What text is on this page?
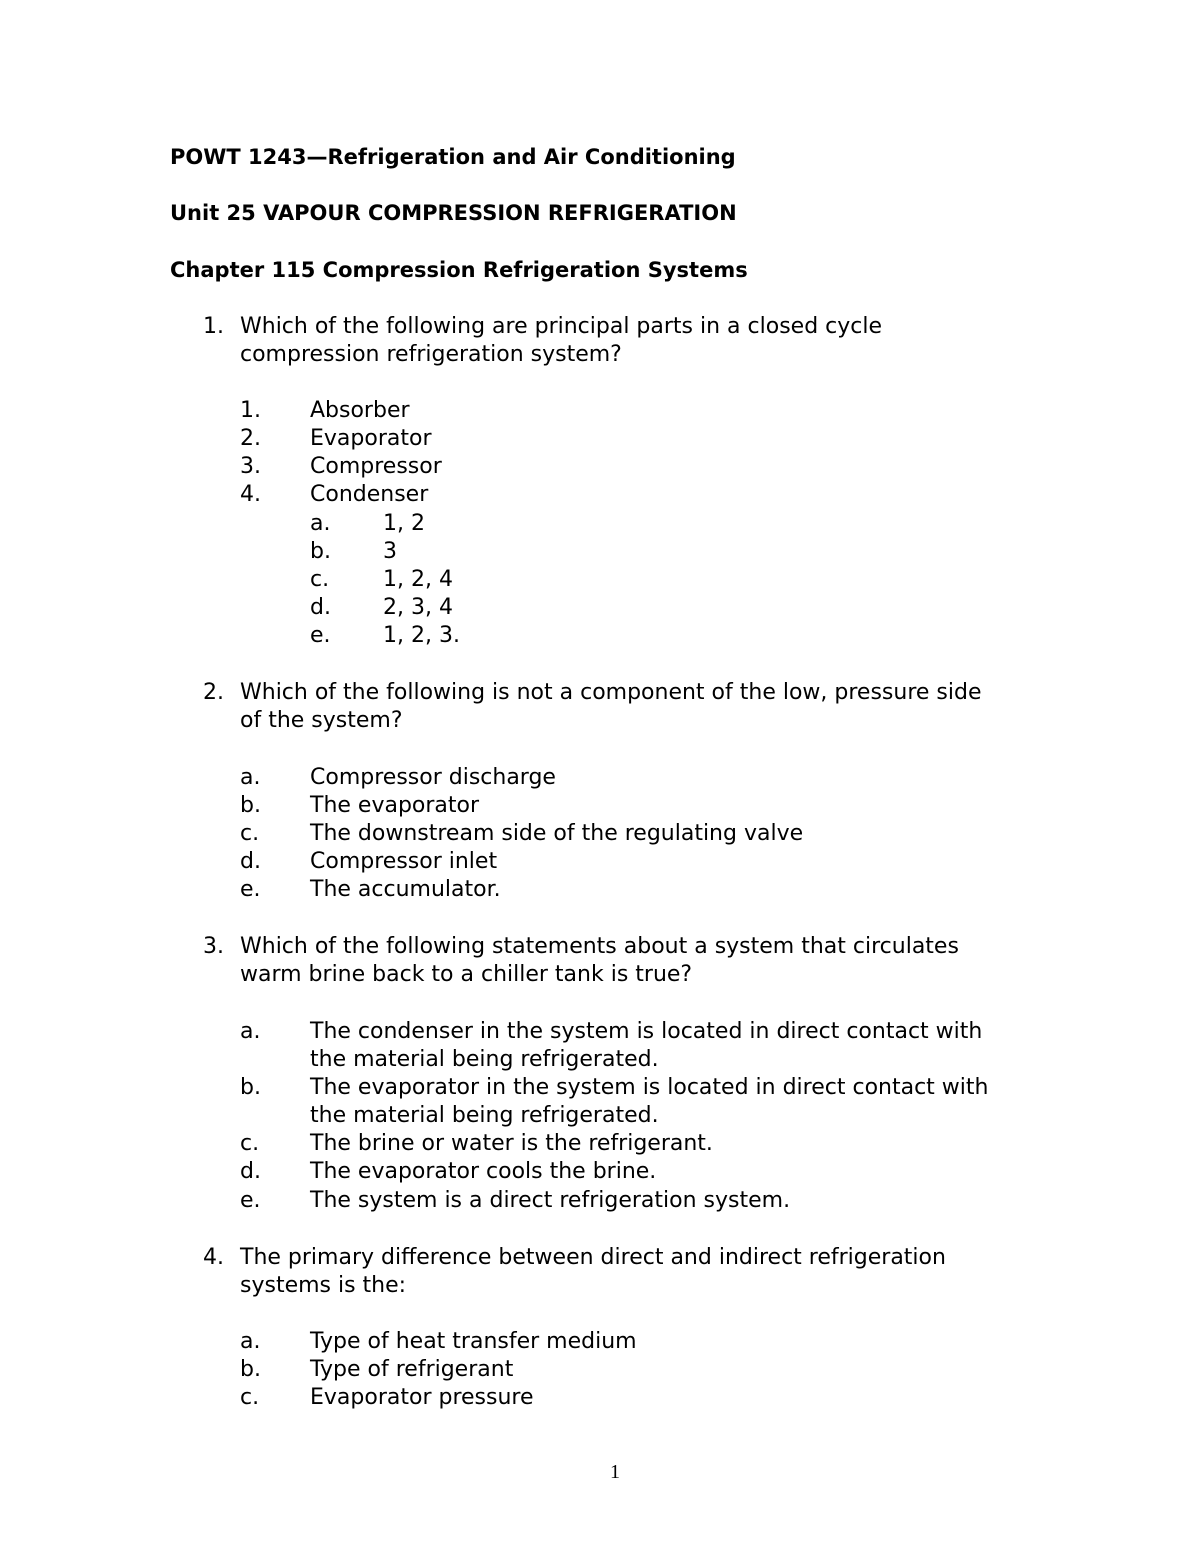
POWT 1243—Refrigeration and Air Conditioning
Unit 25 VAPOUR COMPRESSION REFRIGERATION
Chapter 115 Compression Refrigeration Systems
1. Which of the following are principal parts in a closed cycle
compression refrigeration system?
1. Absorber
2. Evaporator
3. Compressor
4. Condenser
a. 1, 2
b. 3
c. 1, 2, 4
d. 2, 3, 4
e. 1, 2, 3.
2. Which of the following is not a component of the low, pressure side
of the system?
a. Compressor discharge
b. The evaporator
c. The downstream side of the regulating valve
d. Compressor inlet
e. The accumulator.
3. Which of the following statements about a system that circulates
warm brine back to a chiller tank is true?
a. The condenser in the system is located in direct contact with
the material being refrigerated.
b. The evaporator in the system is located in direct contact with
the material being refrigerated.
c. The brine or water is the refrigerant.
d. The evaporator cools the brine.
e. The system is a direct refrigeration system.
4. The primary difference between direct and indirect refrigeration
systems is the:
a. Type of heat transfer medium
b. Type of refrigerant
c. Evaporator pressure
1
